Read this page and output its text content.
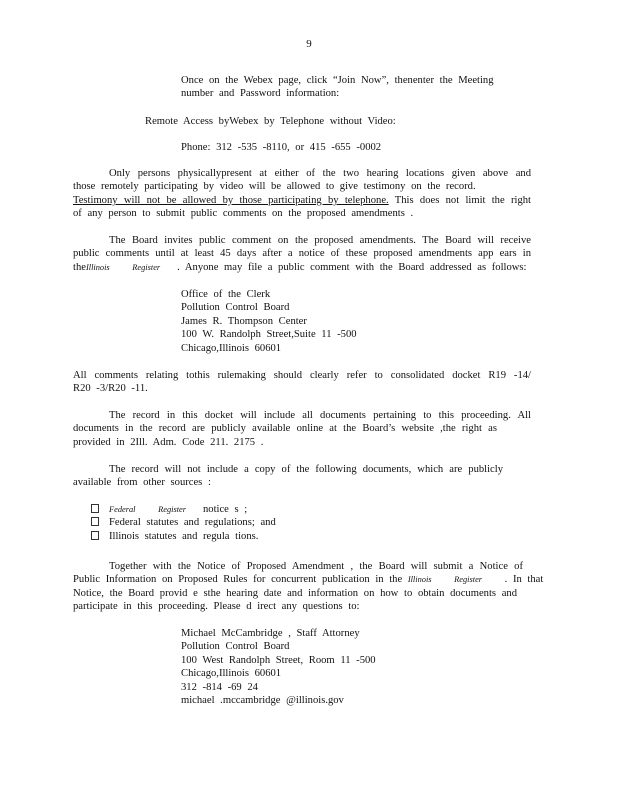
9
Once on the Webex page, click “Join Now”, thenenter the Meeting
number and Password information:
Remote Access byWebex by Telephone without Video:
Phone: 312 -535 -8110, or 415 -655 -0002
Only persons physicallypresent at either of the two hearing locations given above and
those remotely participating by video will be allowed to give testimony on the record.
Testimony will not be allowed by those participating by telephone. This does not limit the right
of any person to submit public comments on the proposed amendments .
The Board invites public comment on the proposed amendments. The Board will receive
public comments until at least 45 days after a notice of these proposed amendments app ears in
theIllinois	Register . Anyone may file a public comment with the Board addressed as follows:
Office of the Clerk
Pollution Control Board
James R. Thompson Center
100 W. Randolph Street,Suite 11 -500
Chicago,Illinois 60601
All comments relating tothis rulemaking should clearly refer to consolidated docket R19 -14/
R20 -3/R20 -11.
The record in this docket will include all documents pertaining to this proceeding. All
documents in the record are publicly available online at the Board’s website ,the right as
provided in 2Ill. Adm. Code 211. 2175 .
The record will not include a copy of the following documents, which are publicly
available from other sources :
Federal	Register   notice s ;
Federal statutes and regulations; and
Illinois statutes and regula tions.
Together with the Notice of Proposed Amendment , the Board will submit a Notice of
Public Information on Proposed Rules for concurrent publication in the Illinois	Register . In that
Notice, the Board provid e sthe hearing date and information on how to obtain documents and
participate in this proceeding. Please d irect any questions to:
Michael McCambridge , Staff Attorney
Pollution Control Board
100 West Randolph Street, Room 11 -500
Chicago,Illinois 60601
312 -814 -69 24
michael .mccambridge @illinois.gov
